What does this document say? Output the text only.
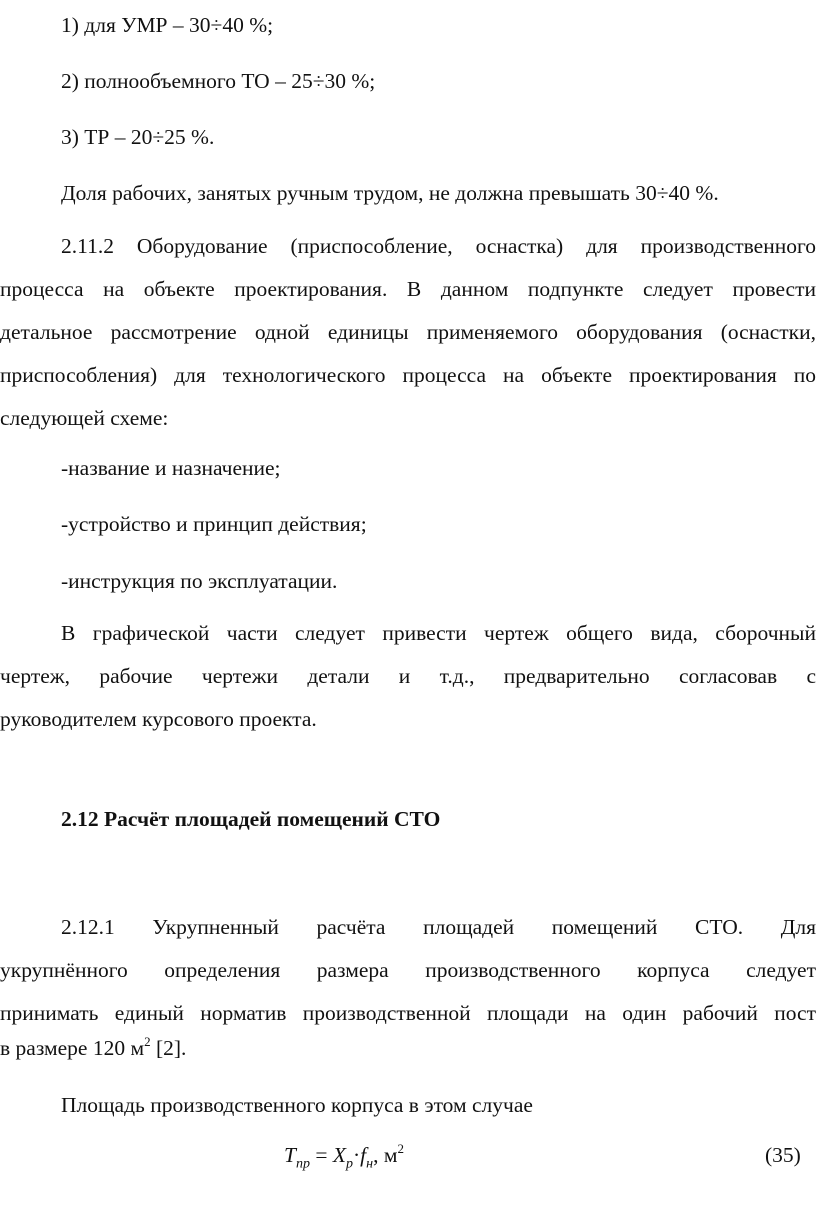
1) для УМР – 30÷40 %;
2) полнообъемного ТО – 25÷30 %;
3) ТР – 20÷25 %.
Доля рабочих, занятых ручным трудом, не должна превышать 30÷40 %.
2.11.2 Оборудование (приспособление, оснастка) для производственного
процесса на объекте проектирования. В данном подпункте следует провести
детальное рассмотрение одной единицы применяемого оборудования (оснастки,
приспособления) для технологического процесса на объекте проектирования по
следующей схеме:
-название и назначение;
-устройство и принцип действия;
-инструкция по эксплуатации.
В графической части следует привести чертеж общего вида, сборочный
чертеж, рабочие чертежи детали и т.д., предварительно согласовав с
руководителем курсового проекта.
2.12 Расчёт площадей помещений СТО
2.12.1 Укрупненный расчёта площадей помещений СТО. Для
укрупнённого определения размера производственного корпуса следует
принимать единый норматив производственной площади на один рабочий пост
в размере 120 $м^2$ [2].
Площадь производственного корпуса в этом случае
$T_{пр} = X_р\cdot f_н$, $м^2$	(35)
